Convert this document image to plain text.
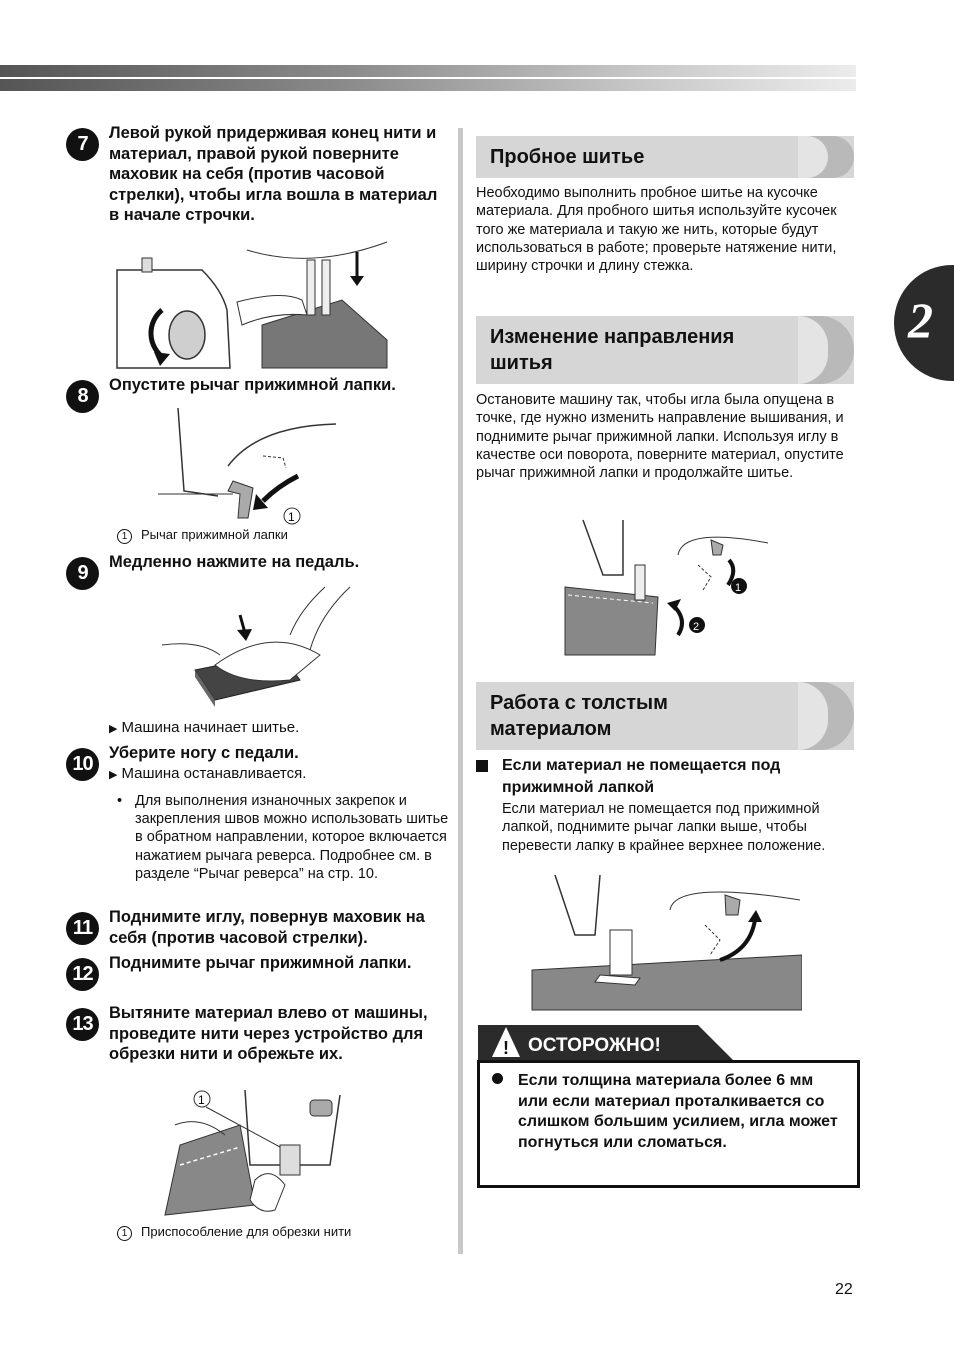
2
7	Левой рукой придерживая конец нити и материал, правой рукой поверните маховик на себя (против часовой стрелки), чтобы игла вошла в материал в начале строчки.
8	Опустите рычаг прижимной лапки.
1
1 Рычаг прижимной лапки
9	Медленно нажмите на педаль.
▶ Машина начинает шитье.
10 Уберите ногу с педали.
▶ Машина останавливается.
• Для выполнения изнаночных закрепок и закрепления швов можно использовать шитье в обратном направлении, которое включается нажатием рычага реверса. Подробнее см. в разделе “Рычаг реверса” на стр. 10.
11	Поднимите иглу, повернув маховик на себя (против часовой стрелки).
12 Поднимите рычаг прижимной лапки.
13 Вытяните материал влево от машины, проведите нити через устройство для обрезки нити и обрежьте их.
1
1 Приспособление для обрезки нити
Пробное шитье
Необходимо выполнить пробное шитье на кусочке материала. Для пробного шитья используйте кусочек того же материала и такую же нить, которые будут использоваться в работе; проверьте натяжение нити, ширину строчки и длину стежка.
Изменение направления шитья
Остановите машину так, чтобы игла была опущена в точке, где нужно изменить направление вышивания, и поднимите рычаг прижимной лапки. Используя иглу в качестве оси поворота, поверните материал, опустите рычаг прижимной лапки и продолжайте шитье.
1
2
Работа с толстым материалом
Если материал не помещается под прижимной лапкой
Если материал не помещается под прижимной лапкой, поднимите рычаг лапки выше, чтобы перевести лапку в крайнее верхнее положение.
! ОСТОРОЖНО!
Если толщина материала более 6 мм или если материал проталкивается со слишком большим усилием, игла может погнуться или сломаться.
22
